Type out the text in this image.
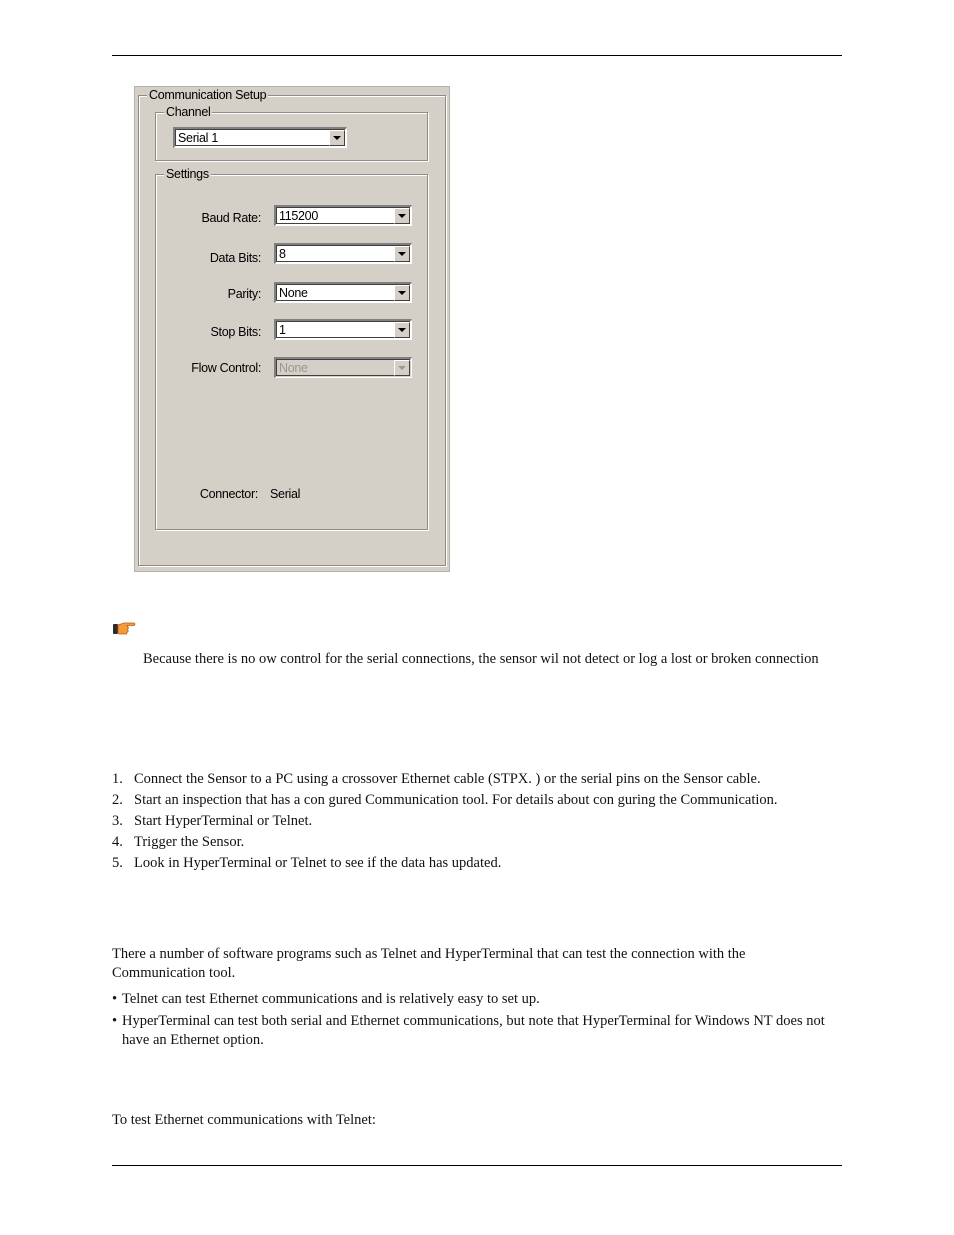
Communication Setup
Channel
Serial 1
Settings
Baud Rate: 115200
Data Bits: 8
Parity: None
Stop Bits: 1
Flow Control: None
Connector: Serial

Because there is no ow control for the serial connections, the sensor wil not detect or log a lost or broken connection

1. Connect the Sensor to a PC using a crossover Ethernet cable (STPX. ) or the serial pins on the Sensor cable.
2. Start an inspection that has a con gured Communication tool. For details about con guring the Communication.
3. Start HyperTerminal or Telnet.
4. Trigger the Sensor.
5. Look in HyperTerminal or Telnet to see if the data has updated.

There a number of software programs such as Telnet and HyperTerminal that can test the connection with the Communication tool.

• Telnet can test Ethernet communications and is relatively easy to set up.
• HyperTerminal can test both serial and Ethernet communications, but note that HyperTerminal for Windows NT does not have an Ethernet option.

To test Ethernet communications with Telnet:
